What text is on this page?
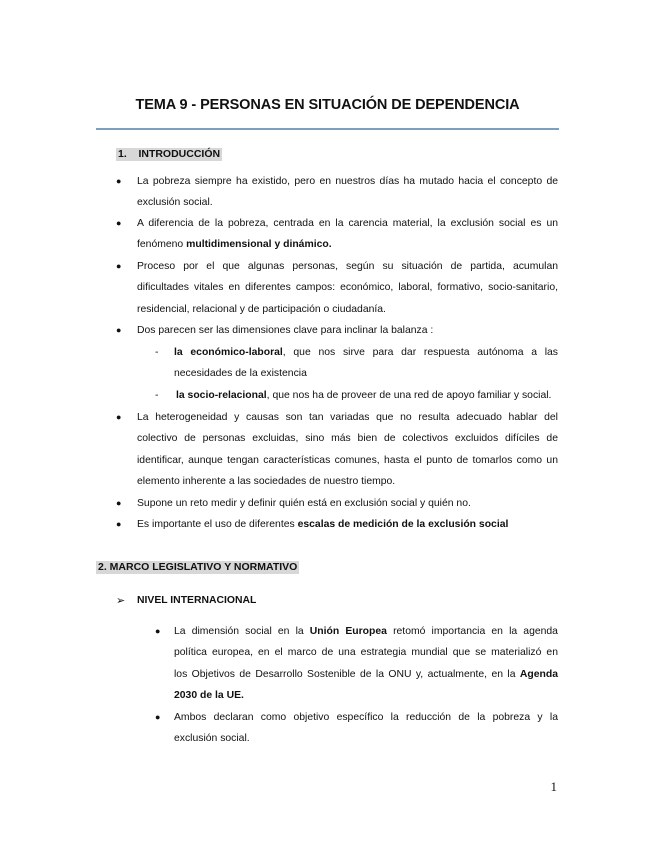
TEMA 9 - PERSONAS EN SITUACIÓN DE DEPENDENCIA
1. INTRODUCCIÓN
● La pobreza siempre ha existido, pero en nuestros días ha mutado hacia el concepto de
exclusión social.
● A diferencia de la pobreza, centrada en la carencia material, la exclusión social es un
fenómeno multidimensional y dinámico.
● Proceso por el que algunas personas, según su situación de partida, acumulan
dificultades vitales en diferentes campos: económico, laboral, formativo, socio-sanitario,
residencial, relacional y de participación o ciudadanía.
● Dos parecen ser las dimensiones clave para inclinar la balanza :
- la económico-laboral, que nos sirve para dar respuesta autónoma a las
necesidades de la existencia
- la socio-relacional, que nos ha de proveer de una red de apoyo familiar y social.
● La heterogeneidad y causas son tan variadas que no resulta adecuado hablar del
colectivo de personas excluidas, sino más bien de colectivos excluidos difíciles de
identificar, aunque tengan características comunes, hasta el punto de tomarlos como un
elemento inherente a las sociedades de nuestro tiempo.
● Supone un reto medir y definir quién está en exclusión social y quién no.
● Es importante el uso de diferentes escalas de medición de la exclusión social
2. MARCO LEGISLATIVO Y NORMATIVO
➢ NIVEL INTERNACIONAL
● La dimensión social en la Unión Europea retomó importancia en la agenda
política europea, en el marco de una estrategia mundial que se materializó en
los Objetivos de Desarrollo Sostenible de la ONU y, actualmente, en la Agenda
2030 de la UE.
● Ambos declaran como objetivo específico la reducción de la pobreza y la
exclusión social.
1
